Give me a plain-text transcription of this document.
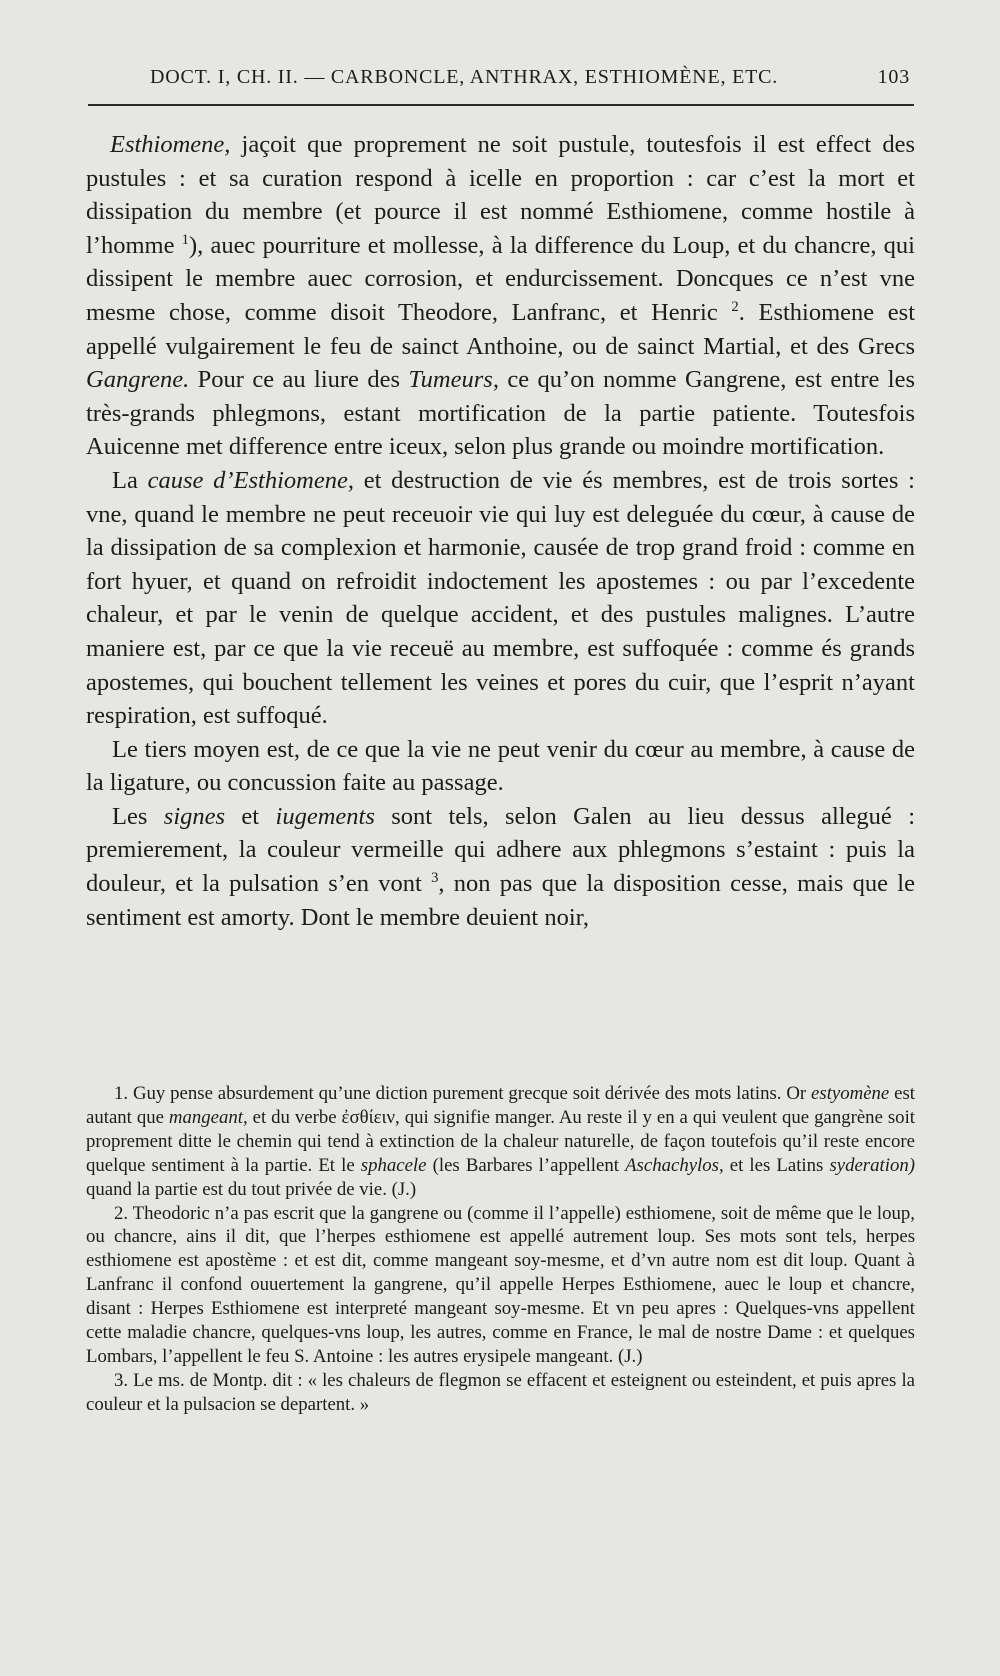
DOCT. I, CH. II. — CARBONCLE, ANTHRAX, ESTHIOMÈNE, ETC.	103

Esthiomene, jaçoit que proprement ne soit pustule, toutesfois il est effect des pustules : et sa curation respond à icelle en proportion : car c’est la mort et dissipation du membre (et pource il est nommé Esthiomene, comme hostile à l’homme $^1$), auec pourriture et mollesse, à la difference du Loup, et du chancre, qui dissipent le membre auec corrosion, et endurcissement. Doncques ce n’est vne mesme chose, comme disoit Theodore, Lanfranc, et Henric $^2$. Esthiomene est appellé vulgairement le feu de sainct Anthoine, ou de sainct Martial, et des Grecs Gangrene. Pour ce au liure des Tumeurs, ce qu’on nomme Gangrene, est entre les très-grands phlegmons, estant mortification de la partie patiente. Toutesfois Auicenne met difference entre iceux, selon plus grande ou moindre mortification.

La cause d’Esthiomene, et destruction de vie és membres, est de trois sortes : vne, quand le membre ne peut receuoir vie qui luy est deleguée du cœur, à cause de la dissipation de sa complexion et harmonie, causée de trop grand froid : comme en fort hyuer, et quand on refroidit indoctement les apostemes : ou par l’excedente chaleur, et par le venin de quelque accident, et des pustules malignes. L’autre maniere est, par ce que la vie receuë au membre, est suffoquée : comme és grands apostemes, qui bouchent tellement les veines et pores du cuir, que l’esprit n’ayant respiration, est suffoqué.

Le tiers moyen est, de ce que la vie ne peut venir du cœur au membre, à cause de la ligature, ou concussion faite au passage.

Les signes et iugements sont tels, selon Galen au lieu dessus allegué : premierement, la couleur vermeille qui adhere aux phlegmons s’estaint : puis la douleur, et la pulsation s’en vont $^3$, non pas que la disposition cesse, mais que le sentiment est amorty. Dont le membre deuient noir,

1. Guy pense absurdement qu’une diction purement grecque soit dérivée des mots latins. Or estyomène est autant que mangeant, et du verbe ἐσθίειν, qui signifie manger. Au reste il y en a qui veulent que gangrène soit proprement ditte le chemin qui tend à extinction de la chaleur naturelle, de façon toutefois qu’il reste encore quelque sentiment à la partie. Et le sphacele (les Barbares l’appellent Aschachylos, et les Latins syderation) quand la partie est du tout privée de vie. (J.)

2. Theodoric n’a pas escrit que la gangrene ou (comme il l’appelle) esthiomene, soit de même que le loup, ou chancre, ains il dit, que l’herpes esthiomene est appellé autrement loup. Ses mots sont tels, herpes esthiomene est apostème : et est dit, comme mangeant soy-mesme, et d’vn autre nom est dit loup. Quant à Lanfranc il confond ouuertement la gangrene, qu’il appelle Herpes Esthiomene, auec le loup et chancre, disant : Herpes Esthiomene est interpreté mangeant soy-mesme. Et vn peu apres : Quelques-vns appellent cette maladie chancre, quelques-vns loup, les autres, comme en France, le mal de nostre Dame : et quelques Lombars, l’appellent le feu S. Antoine : les autres erysipele mangeant. (J.)

3. Le ms. de Montp. dit : « les chaleurs de flegmon se effacent et esteignent ou esteindent, et puis apres la couleur et la pulsacion se departent. »
